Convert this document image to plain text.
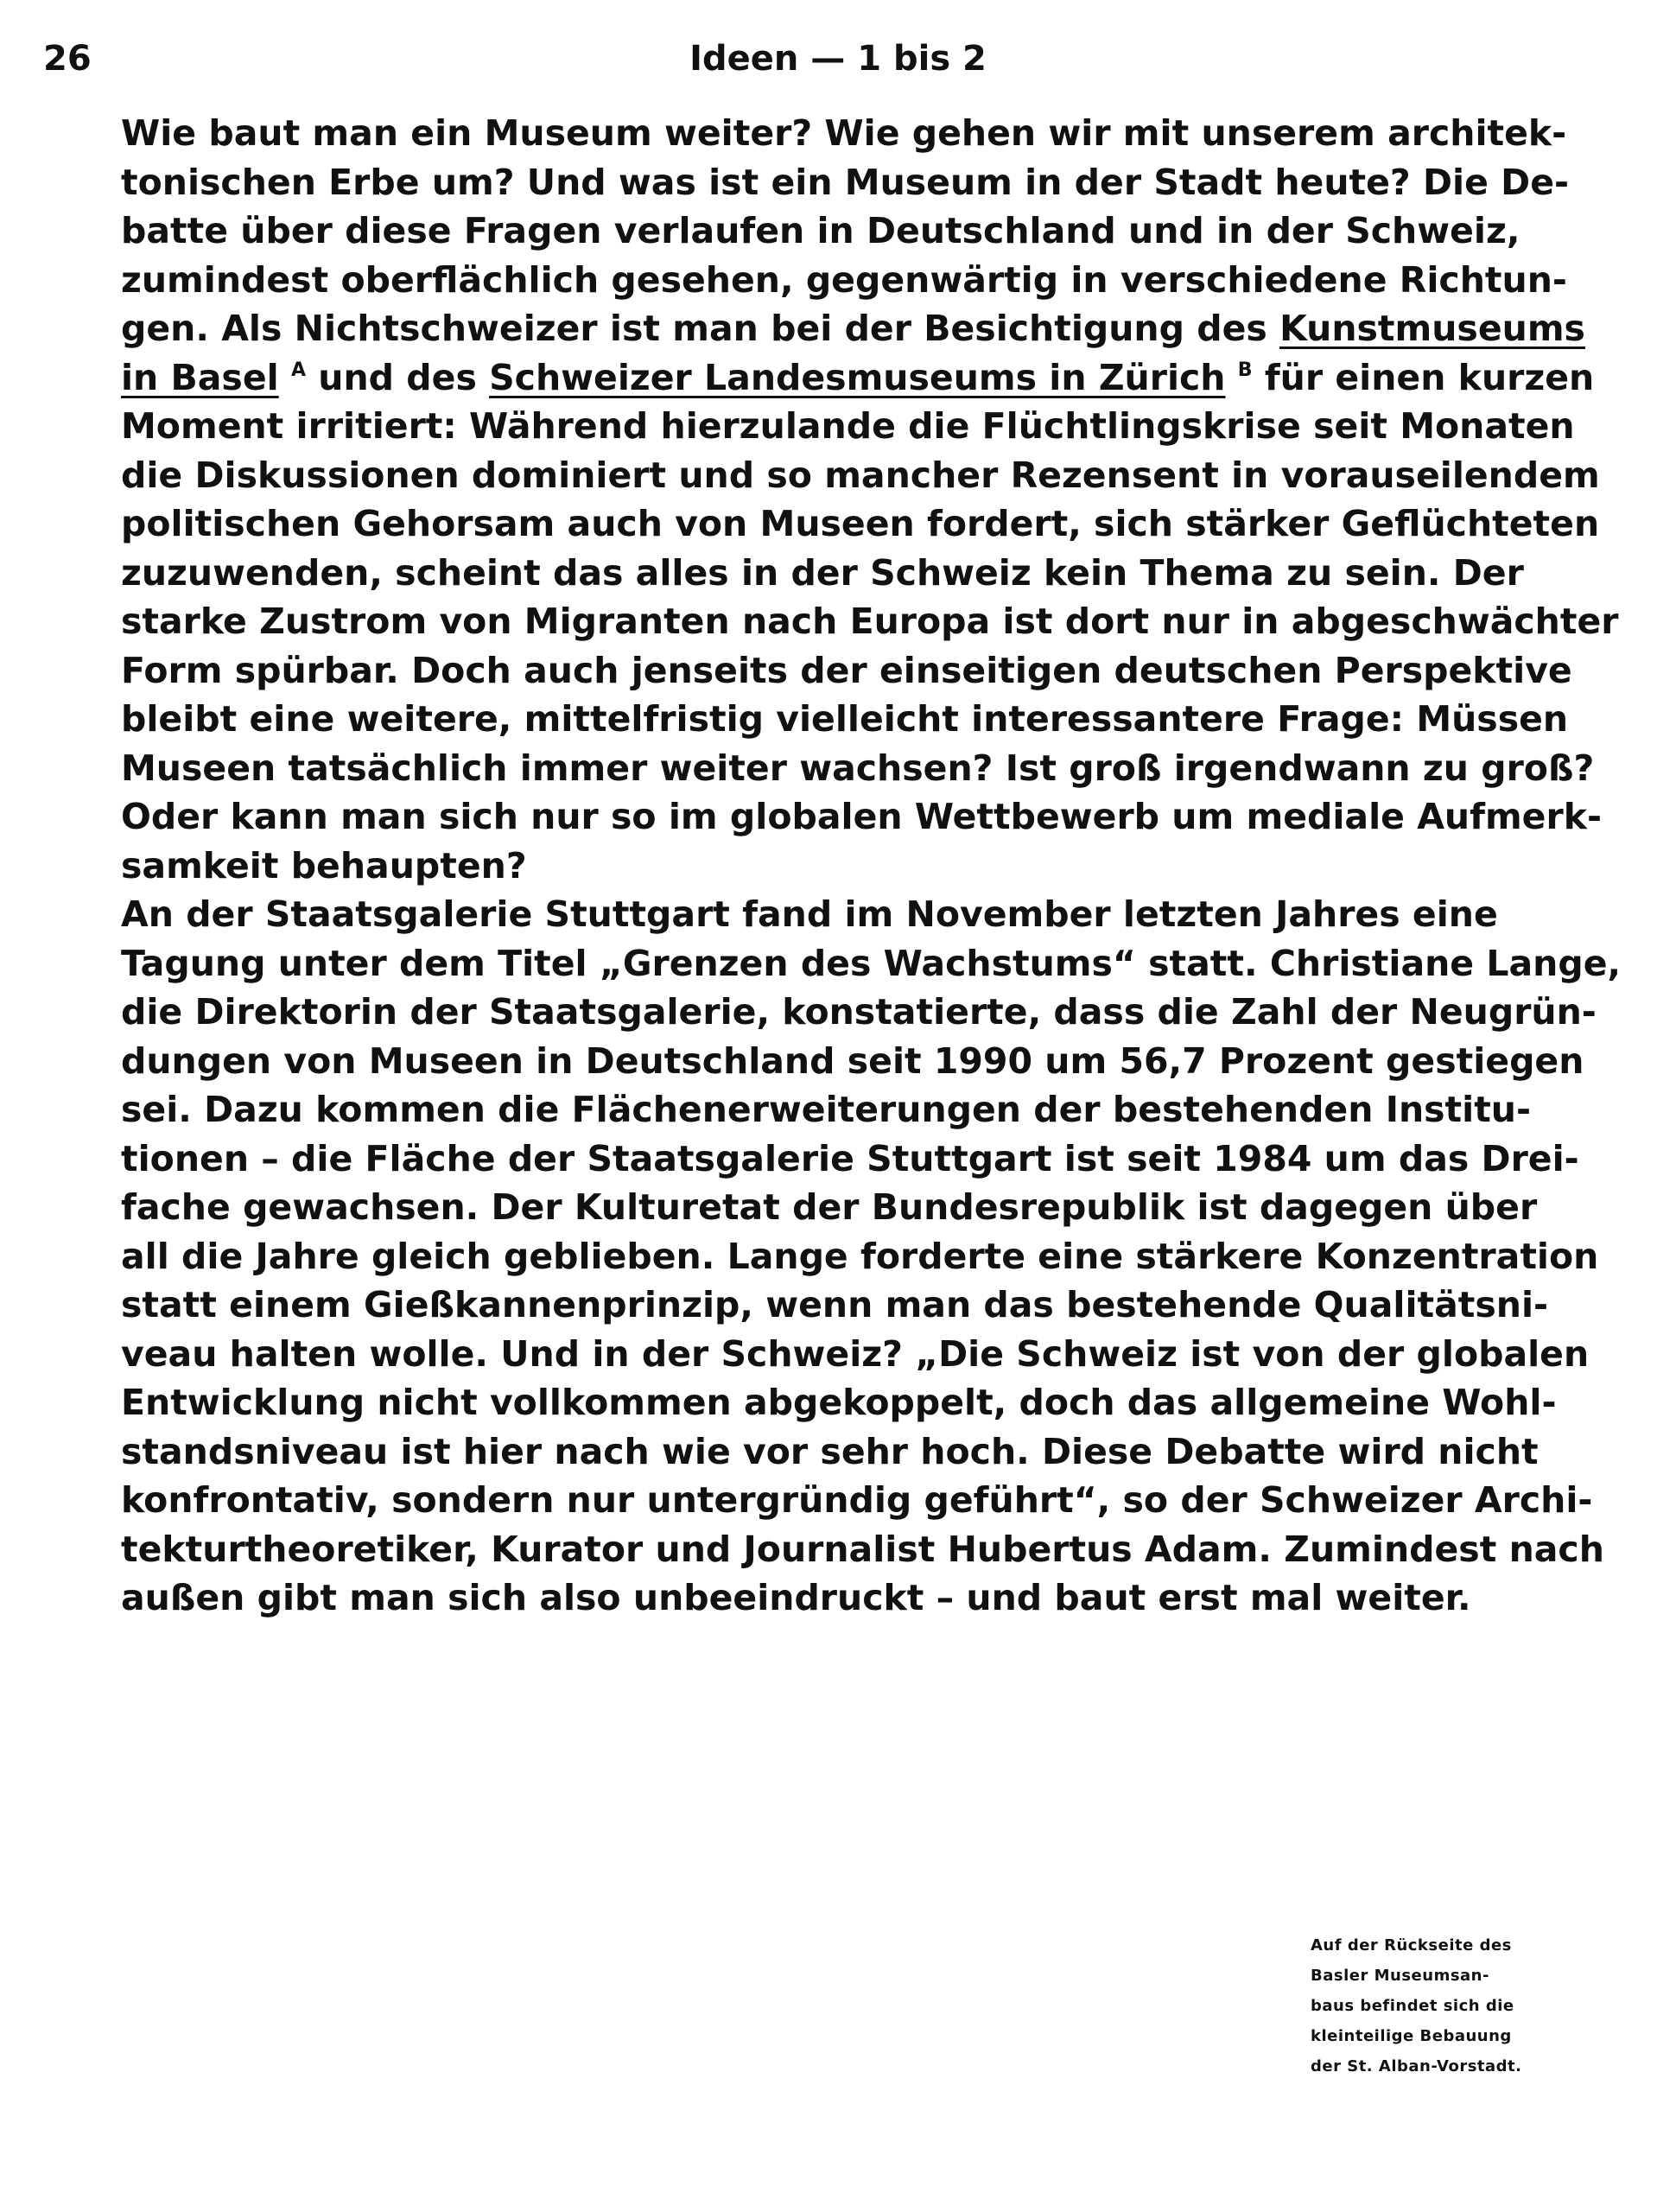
26	Ideen — 1 bis 2

Wie baut man ein Museum weiter? Wie gehen wir mit unserem architek-
tonischen Erbe um? Und was ist ein Museum in der Stadt heute? Die De-
batte über diese Fragen verlaufen in Deutschland und in der Schweiz,
zumindest oberflächlich gesehen, gegenwärtig in verschiedene Richtun-
gen. Als Nichtschweizer ist man bei der Besichtigung des Kunstmuseums
in Basel $^A$ und des Schweizer Landesmuseums in Zürich $^B$ für einen kurzen
Moment irritiert: Während hierzulande die Flüchtlingskrise seit Monaten
die Diskussionen dominiert und so mancher Rezensent in vorauseilendem
politischen Gehorsam auch von Museen fordert, sich stärker Geflüchteten
zuzuwenden, scheint das alles in der Schweiz kein Thema zu sein. Der
starke Zustrom von Migranten nach Europa ist dort nur in abgeschwächter
Form spürbar. Doch auch jenseits der einseitigen deutschen Perspektive
bleibt eine weitere, mittelfristig vielleicht interessantere Frage: Müssen
Museen tatsächlich immer weiter wachsen? Ist groß irgendwann zu groß?
Oder kann man sich nur so im globalen Wettbewerb um mediale Aufmerk-
samkeit behaupten?

An der Staatsgalerie Stuttgart fand im November letzten Jahres eine
Tagung unter dem Titel „Grenzen des Wachstums“ statt. Christiane Lange,
die Direktorin der Staatsgalerie, konstatierte, dass die Zahl der Neugrün-
dungen von Museen in Deutschland seit 1990 um 56,7 Prozent gestiegen
sei. Dazu kommen die Flächenerweiterungen der bestehenden Institu-
tionen – die Fläche der Staatsgalerie Stuttgart ist seit 1984 um das Drei-
fache gewachsen. Der Kulturetat der Bundesrepublik ist dagegen über
all die Jahre gleich geblieben. Lange forderte eine stärkere Konzentration
statt einem Gießkannenprinzip, wenn man das bestehende Qualitätsni-
veau halten wolle. Und in der Schweiz? „Die Schweiz ist von der globalen
Entwicklung nicht vollkommen abgekoppelt, doch das allgemeine Wohl-
standsniveau ist hier nach wie vor sehr hoch. Diese Debatte wird nicht
konfrontativ, sondern nur untergründig geführt“, so der Schweizer Archi-
tekturtheoretiker, Kurator und Journalist Hubertus Adam. Zumindest nach
außen gibt man sich also unbeeindruckt – und baut erst mal weiter.

Auf der Rückseite des
Basler Museumsan-
baus befindet sich die
kleinteilige Bebauung
der St. Alban-Vorstadt.
